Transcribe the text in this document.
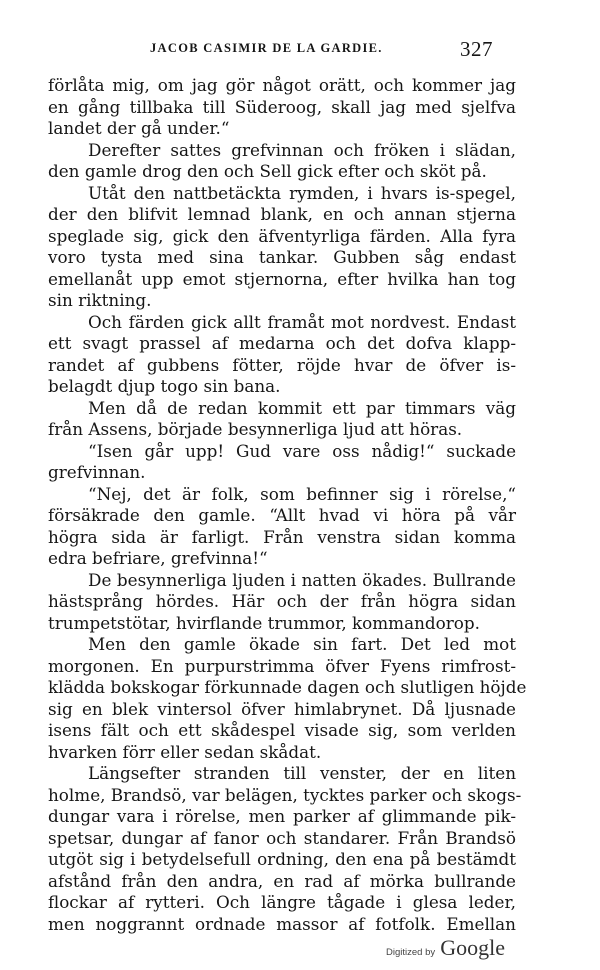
JACOB CASIMIR DE LA GARDIE.	327
förlåta mig, om jag gör något orätt, och kommer jag
en gång tillbaka till Süderoog, skall jag med sjelfva
landet der gå under.“
Derefter sattes grefvinnan och fröken i slädan,
den gamle drog den och Sell gick efter och sköt på.
Utåt den nattbetäckta rymden, i hvars is-spegel,
der den blifvit lemnad blank, en och annan stjerna
speglade sig, gick den äfventyrliga färden. Alla fyra
voro tysta med sina tankar. Gubben såg endast
emellanåt upp emot stjernorna, efter hvilka han tog
sin riktning.
Och färden gick allt framåt mot nordvest. Endast
ett svagt prassel af medarna och det dofva klapp-
randet af gubbens fötter, röjde hvar de öfver is-
belagdt djup togo sin bana.
Men då de redan kommit ett par timmars väg
från Assens, började besynnerliga ljud att höras.
“Isen går upp! Gud vare oss nådig!“ suckade
grefvinnan.
“Nej, det är folk, som befinner sig i rörelse,“
försäkrade den gamle. “Allt hvad vi höra på vår
högra sida är farligt. Från venstra sidan komma
edra befriare, grefvinna!“
De besynnerliga ljuden i natten ökades. Bullrande
hästsprång hördes. Här och der från högra sidan
trumpetstötar, hvirflande trummor, kommandorop.
Men den gamle ökade sin fart. Det led mot
morgonen. En purpurstrimma öfver Fyens rimfrost-
klädda bokskogar förkunnade dagen och slutligen höjde
sig en blek vintersol öfver himlabrynet. Då ljusnade
isens fält och ett skådespel visade sig, som verlden
hvarken förr eller sedan skådat.
Längsefter stranden till venster, der en liten
holme, Brandsö, var belägen, tycktes parker och skogs-
dungar vara i rörelse, men parker af glimmande pik-
spetsar, dungar af fanor och standarer. Från Brandsö
utgöt sig i betydelsefull ordning, den ena på bestämdt
afstånd från den andra, en rad af mörka bullrande
flockar af rytteri. Och längre tågade i glesa leder,
men noggrannt ordnade massor af fotfolk. Emellan
Digitized by Google
